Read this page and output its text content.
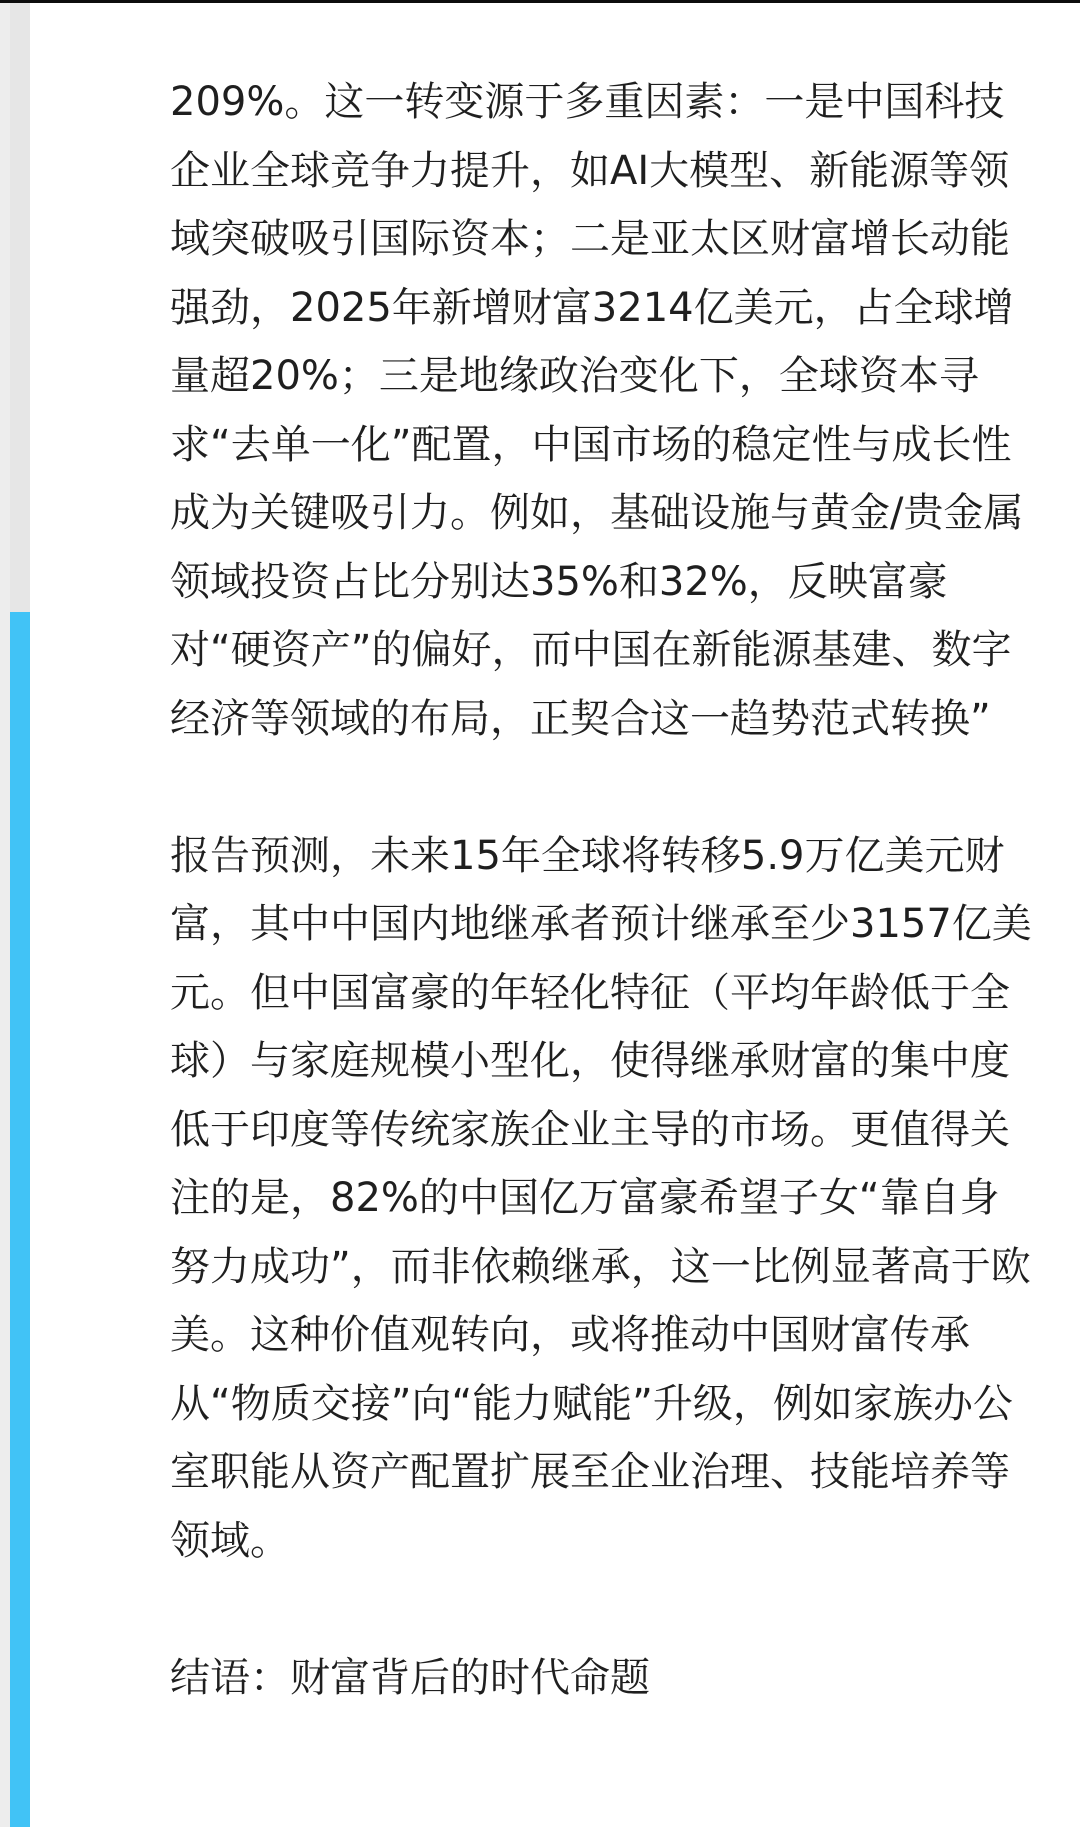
209%。这一转变源于多重因素：一是中国科技
企业全球竞争力提升，如AI大模型、新能源等领
域突破吸引国际资本；二是亚太区财富增长动能
强劲，2025年新增财富3214亿美元，占全球增
量超20%；三是地缘政治变化下，全球资本寻
求“去单一化”配置，中国市场的稳定性与成长性
成为关键吸引力。例如，基础设施与黄金/贵金属
领域投资占比分别达35%和32%，反映富豪
对“硬资产”的偏好，而中国在新能源基建、数字
经济等领域的布局，正契合这一趋势范式转换”

报告预测，未来15年全球将转移5.9万亿美元财
富，其中中国内地继承者预计继承至少3157亿美
元。但中国富豪的年轻化特征（平均年龄低于全
球）与家庭规模小型化，使得继承财富的集中度
低于印度等传统家族企业主导的市场。更值得关
注的是，82%的中国亿万富豪希望子女“靠自身
努力成功”，而非依赖继承，这一比例显著高于欧
美。这种价值观转向，或将推动中国财富传承
从“物质交接”向“能力赋能”升级，例如家族办公
室职能从资产配置扩展至企业治理、技能培养等
领域。

结语：财富背后的时代命题
